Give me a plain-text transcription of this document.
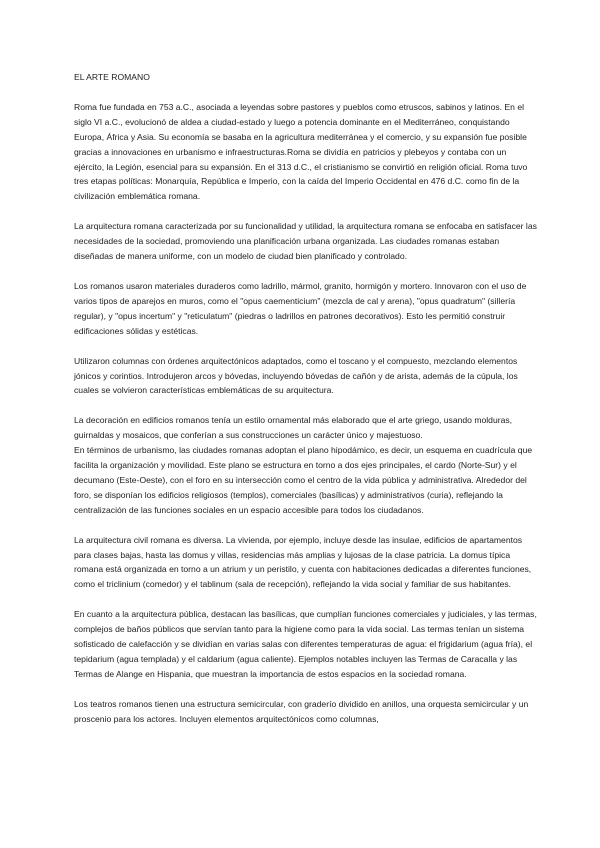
EL ARTE ROMANO
Roma fue fundada en 753 a.C., asociada a leyendas sobre pastores y pueblos como etruscos, sabinos y latinos. En el siglo VI a.C., evolucionó de aldea a ciudad-estado y luego a potencia dominante en el Mediterráneo, conquistando Europa, África y Asia. Su economía se basaba en la agricultura mediterránea y el comercio, y su expansión fue posible gracias a innovaciones en urbanismo e infraestructuras.Roma se dividía en patricios y plebeyos y contaba con un ejército, la Legión, esencial para su expansión. En el 313 d.C., el cristianismo se convirtió en religión oficial. Roma tuvo tres etapas políticas: Monarquía, República e Imperio, con la caída del Imperio Occidental en 476 d.C. como fin de la civilización emblemática romana.
La arquitectura romana caracterizada por su funcionalidad y utilidad, la arquitectura romana se enfocaba en satisfacer las necesidades de la sociedad, promoviendo una planificación urbana organizada. Las ciudades romanas estaban diseñadas de manera uniforme, con un modelo de ciudad bien planificado y controlado.
Los romanos usaron materiales duraderos como ladrillo, mármol, granito, hormigón y mortero. Innovaron con el uso de varios tipos de aparejos en muros, como el "opus caementicium" (mezcla de cal y arena), "opus quadratum" (sillería regular), y "opus incertum" y "reticulatum" (piedras o ladrillos en patrones decorativos). Esto les permitió construir edificaciones sólidas y estéticas.
Utilizaron columnas con órdenes arquitectónicos adaptados, como el toscano y el compuesto, mezclando elementos jónicos y corintios. Introdujeron arcos y bóvedas, incluyendo bóvedas de cañón y de arista, además de la cúpula, los cuales se volvieron características emblemáticas de su arquitectura.
La decoración en edificios romanos tenía un estilo ornamental más elaborado que el arte griego, usando molduras, guirnaldas y mosaicos, que conferían a sus construcciones un carácter único y majestuoso.
En términos de urbanismo, las ciudades romanas adoptan el plano hipodámico, es decir, un esquema en cuadrícula que facilita la organización y movilidad. Este plano se estructura en torno a dos ejes principales, el cardo (Norte-Sur) y el decumano (Este-Oeste), con el foro en su intersección como el centro de la vida pública y administrativa. Alrededor del foro, se disponían los edificios religiosos (templos), comerciales (basílicas) y administrativos (curia), reflejando la centralización de las funciones sociales en un espacio accesible para todos los ciudadanos.
La arquitectura civil romana es diversa. La vivienda, por ejemplo, incluye desde las insulae, edificios de apartamentos para clases bajas, hasta las domus y villas, residencias más amplias y lujosas de la clase patricia. La domus típica romana está organizada en torno a un atrium y un peristilo, y cuenta con habitaciones dedicadas a diferentes funciones, como el triclinium (comedor) y el tablinum (sala de recepción), reflejando la vida social y familiar de sus habitantes.
En cuanto a la arquitectura pública, destacan las basílicas, que cumplían funciones comerciales y judiciales, y las termas, complejos de baños públicos que servían tanto para la higiene como para la vida social. Las termas tenían un sistema sofisticado de calefacción y se dividían en varias salas con diferentes temperaturas de agua: el frigidarium (agua fría), el tepidarium (agua templada) y el caldarium (agua caliente). Ejemplos notables incluyen las Termas de Caracalla y las Termas de Alange en Hispania, que muestran la importancia de estos espacios en la sociedad romana.
Los teatros romanos tienen una estructura semicircular, con graderío dividido en anillos, una orquesta semicircular y un proscenio para los actores. Incluyen elementos arquitectónicos como columnas,
